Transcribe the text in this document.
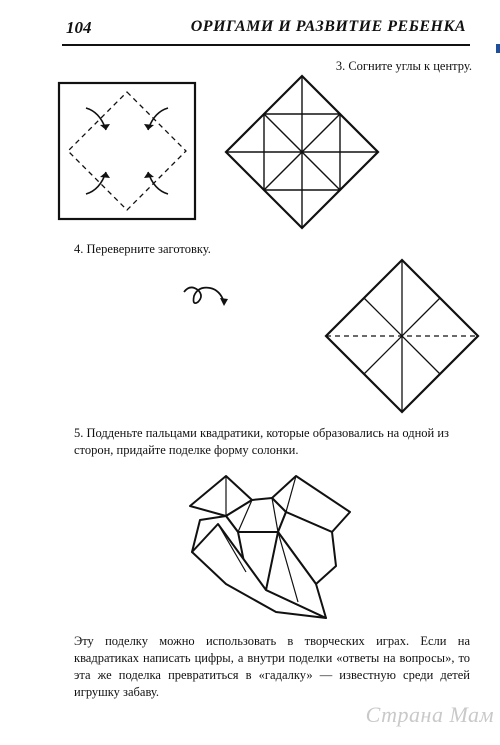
104	ОРИГАМИ И РАЗВИТИЕ РЕБЕНКА
3. Согните углы к центру.
4. Переверните заготовку.
5. Подденьте пальцами квадратики, которые образовались на одной из сторон, придайте поделке форму солонки.
Эту поделку можно использовать в творческих играх. Если на квадратиках написать цифры, а внутри поделки «ответы на вопросы», то эта же поделка превратиться в «гадалку» — известную среди детей игрушку забаву.
Страна Мам
